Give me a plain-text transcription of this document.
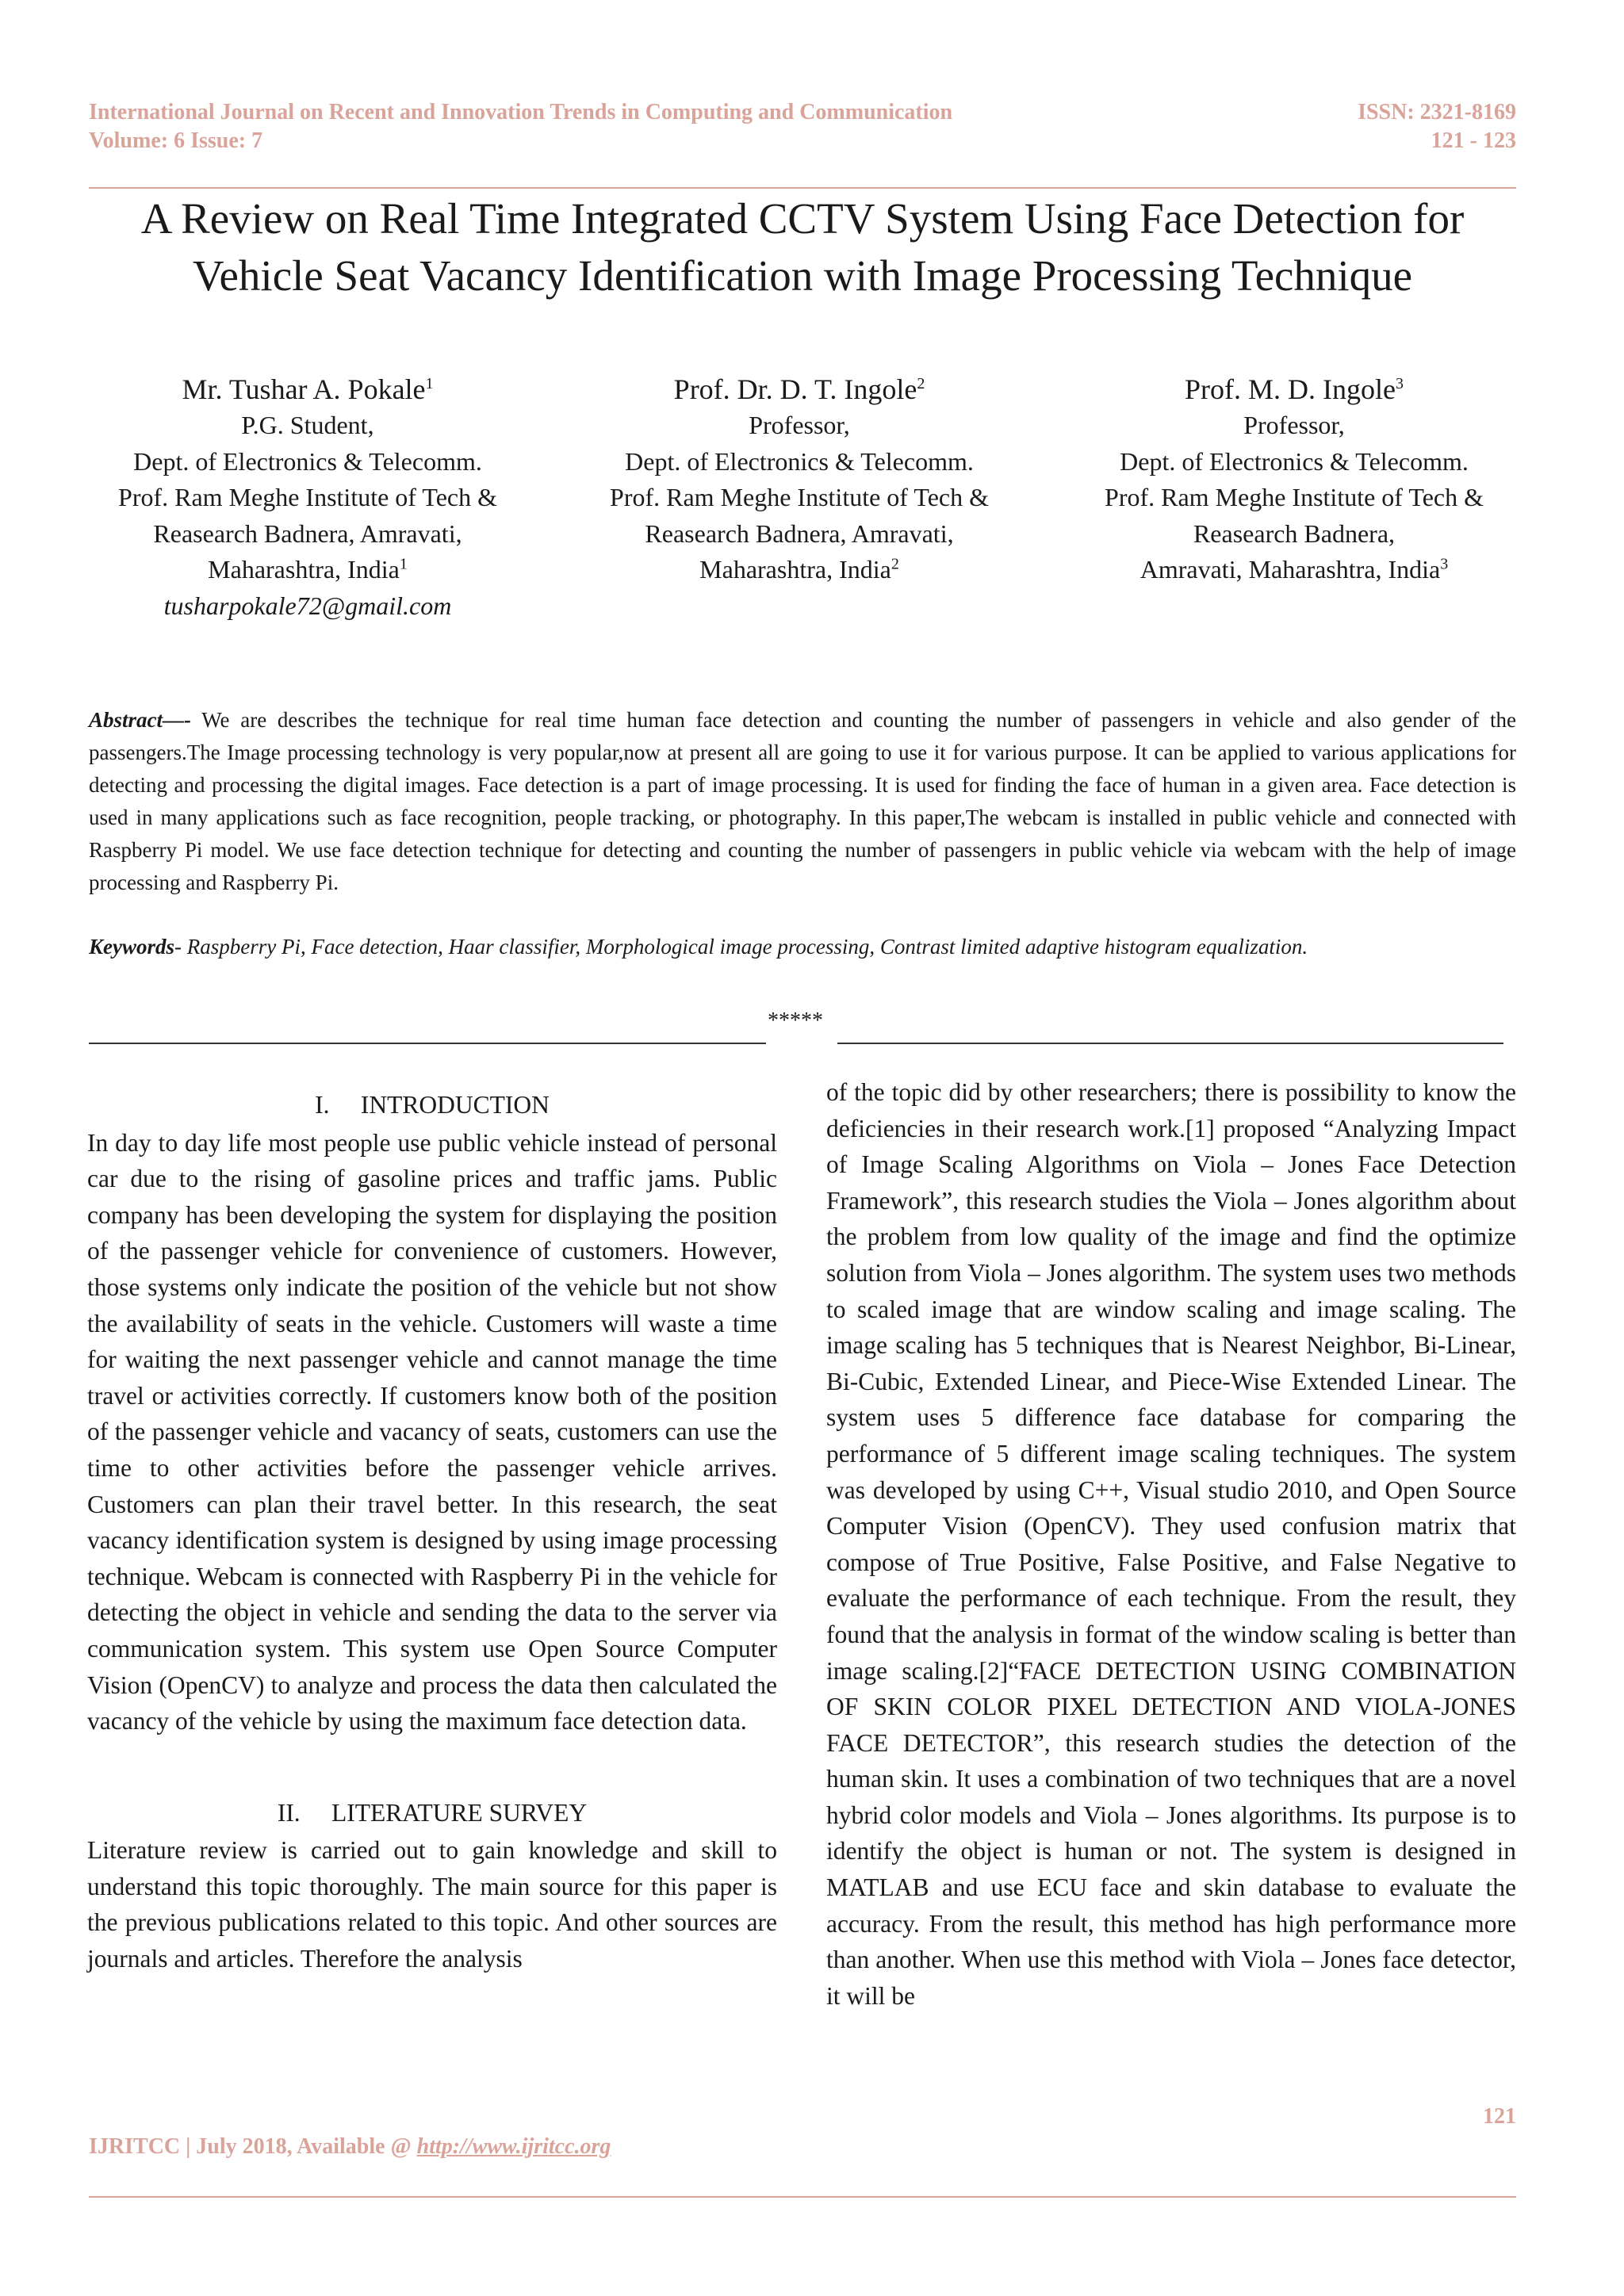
International Journal on Recent and Innovation Trends in Computing and Communication	ISSN: 2321-8169
Volume: 6 Issue: 7	121 - 123
A Review on Real Time Integrated CCTV System Using Face Detection for
Vehicle Seat Vacancy Identification with Image Processing Technique
Mr. Tushar A. Pokale$^1$
P.G. Student,
Dept. of Electronics & Telecomm.
Prof. Ram Meghe Institute of Tech &
Reasearch Badnera, Amravati,
Maharashtra, India$^1$
tusharpokale72@gmail.com
Prof. Dr. D. T. Ingole$^2$
Professor,
Dept. of Electronics & Telecomm.
Prof. Ram Meghe Institute of Tech &
Reasearch Badnera, Amravati,
Maharashtra, India$^2$
Prof. M. D. Ingole$^3$
Professor,
Dept. of Electronics & Telecomm.
Prof. Ram Meghe Institute of Tech &
Reasearch Badnera,
Amravati, Maharashtra, India$^3$
Abstract—- We are describes the technique for real time human face detection and counting the number of passengers in vehicle and also gender of the passengers.The Image processing technology is very popular,now at present all are going to use it for various purpose. It can be applied to various applications for detecting and processing the digital images. Face detection is a part of image processing. It is used for finding the face of human in a given area. Face detection is used in many applications such as face recognition, people tracking, or photography. In this paper,The webcam is installed in public vehicle and connected with Raspberry Pi model. We use face detection technique for detecting and counting the number of passengers in public vehicle via webcam with the help of image processing and Raspberry Pi.
Keywords- Raspberry Pi, Face detection, Haar classifier, Morphological image processing, Contrast limited adaptive histogram equalization.
*****
I.     INTRODUCTION

In day to day life most people use public vehicle instead of personal car due to the rising of gasoline prices and traffic jams. Public company has been developing the system for displaying the position of the passenger vehicle for convenience of customers. However, those systems only indicate the position of the vehicle but not show the availability of seats in the vehicle. Customers will waste a time for waiting the next passenger vehicle and cannot manage the time travel or activities correctly. If customers know both of the position of the passenger vehicle and vacancy of seats, customers can use the time to other activities before the passenger vehicle arrives. Customers can plan their travel better. In this research, the seat vacancy identification system is designed by using image processing technique. Webcam is connected with Raspberry Pi in the vehicle for detecting the object in vehicle and sending the data to the server via communication system. This system use Open Source Computer Vision (OpenCV) to analyze and process the data then calculated the vacancy of the vehicle by using the maximum face detection data.

II.     LITERATURE SURVEY

Literature review is carried out to gain knowledge and skill to understand this topic thoroughly. The main source for this paper is the previous publications related to this topic. And other sources are journals and articles. Therefore the analysis

of the topic did by other researchers; there is possibility to know the deficiencies in their research work.[1] proposed “Analyzing Impact of Image Scaling Algorithms on Viola – Jones Face Detection Framework”, this research studies the Viola – Jones algorithm about the problem from low quality of the image and find the optimize solution from Viola – Jones algorithm. The system uses two methods to scaled image that are window scaling and image scaling. The image scaling has 5 techniques that is Nearest Neighbor, Bi-Linear, Bi-Cubic, Extended Linear, and Piece-Wise Extended Linear. The system uses 5 difference face database for comparing the performance of 5 different image scaling techniques. The system was developed by using C++, Visual studio 2010, and Open Source Computer Vision (OpenCV). They used confusion matrix that compose of True Positive, False Positive, and False Negative to evaluate the performance of each technique. From the result, they found that the analysis in format of the window scaling is better than image scaling.[2]“FACE DETECTION USING COMBINATION OF SKIN COLOR PIXEL DETECTION AND VIOLA-JONES FACE DETECTOR”, this research studies the detection of the human skin. It uses a combination of two techniques that are a novel hybrid color models and Viola – Jones algorithms. Its purpose is to identify the object is human or not. The system is designed in MATLAB and use ECU face and skin database to evaluate the accuracy. From the result, this method has high performance more than another. When use this method with Viola – Jones face detector, it will be

121
IJRITCC | July 2018, Available @ http://www.ijritcc.org
